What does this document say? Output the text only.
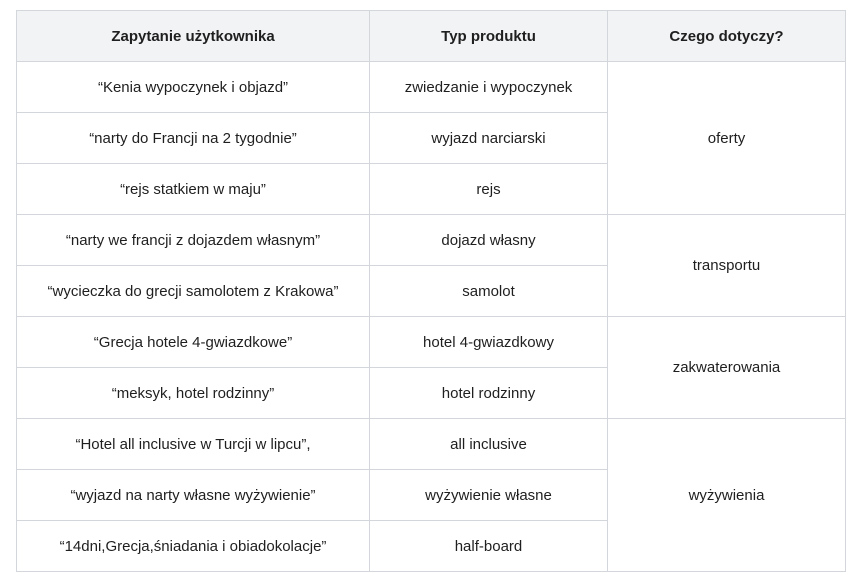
Zapytanie użytkownika	Typ produktu	Czego dotyczy?
“Kenia wypoczynek i objazd”	zwiedzanie i wypoczynek	oferty
“narty do Francji na 2 tygodnie”	wyjazd narciarski	
“rejs statkiem w maju”	rejs	
“narty we francji z dojazdem własnym”	dojazd własny	transportu
“wycieczka do grecji samolotem z Krakowa”	samolot	
“Grecja hotele 4-gwiazdkowe”	hotel 4-gwiazdkowy	zakwaterowania
“meksyk, hotel rodzinny”	hotel rodzinny	
“Hotel all inclusive w Turcji w lipcu”,	all inclusive	wyżywienia
“wyjazd na narty własne wyżywienie”	wyżywienie własne	
“14dni,Grecja,śniadania i obiadokolacje”	half-board	
